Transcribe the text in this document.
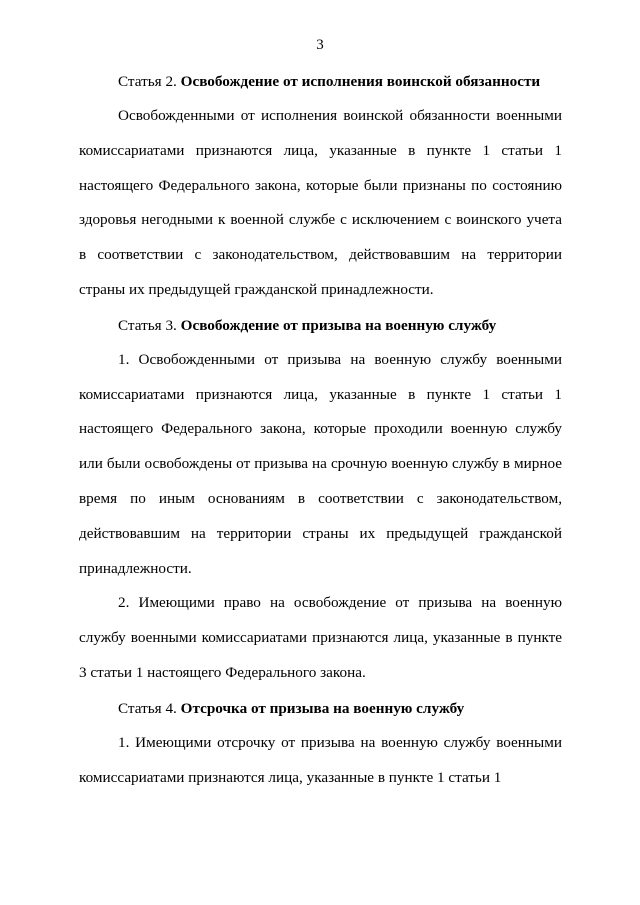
3
Статья 2. Освобождение от исполнения воинской обязанности

Освобожденными от исполнения воинской обязанности военными комиссариатами признаются лица, указанные в пункте 1 статьи 1 настоящего Федерального закона, которые были признаны по состоянию здоровья негодными к военной службе с исключением с воинского учета в соответствии с законодательством, действовавшим на территории страны их предыдущей гражданской принадлежности.

Статья 3. Освобождение от призыва на военную службу

1. Освобожденными от призыва на военную службу военными комиссариатами признаются лица, указанные в пункте 1 статьи 1 настоящего Федерального закона, которые проходили военную службу или были освобождены от призыва на срочную военную службу в мирное время по иным основаниям в соответствии с законодательством, действовавшим на территории страны их предыдущей гражданской принадлежности.

2. Имеющими право на освобождение от призыва на военную службу военными комиссариатами признаются лица, указанные в пункте 3 статьи 1 настоящего Федерального закона.

Статья 4. Отсрочка от призыва на военную службу

1. Имеющими отсрочку от призыва на военную службу военными комиссариатами признаются лица, указанные в пункте 1 статьи 1
